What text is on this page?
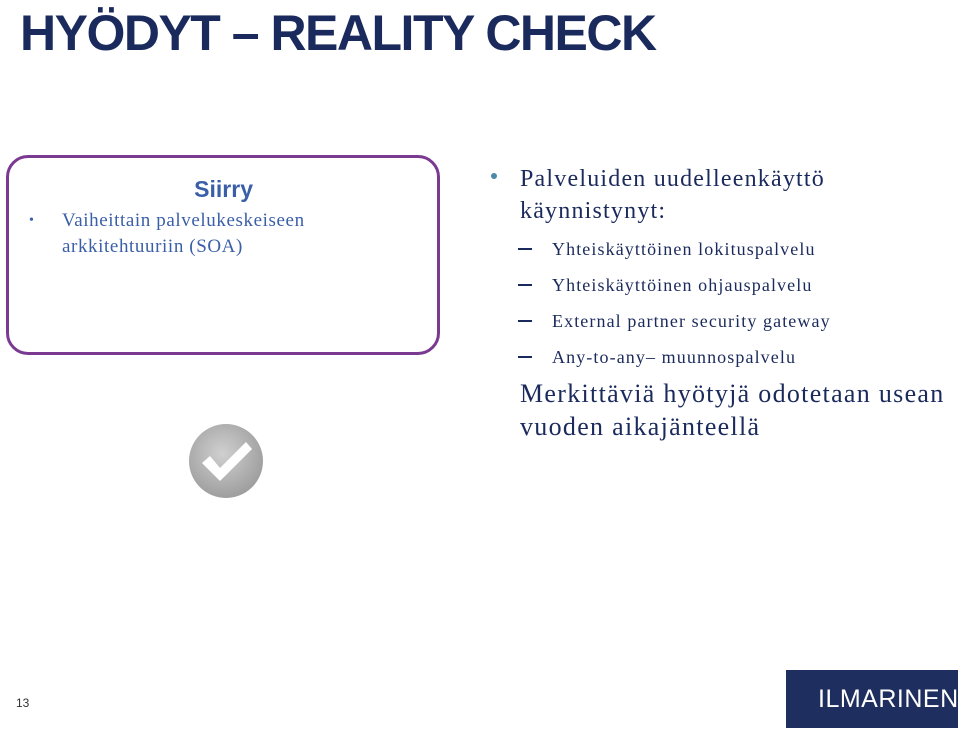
HYÖDYT – REALITY CHECK
Siirry
•	Vaiheittain palvelukeskeiseen arkkitehtuuriin (SOA)
Palveluiden uudelleenkäyttö käynnistynyt:
Yhteiskäyttöinen lokituspalvelu
Yhteiskäyttöinen ohjauspalvelu
External partner security gateway
Any-to-any– muunnospalvelu
Merkittäviä hyötyjä odotetaan usean vuoden aikajänteellä
13	ILMARINEN
